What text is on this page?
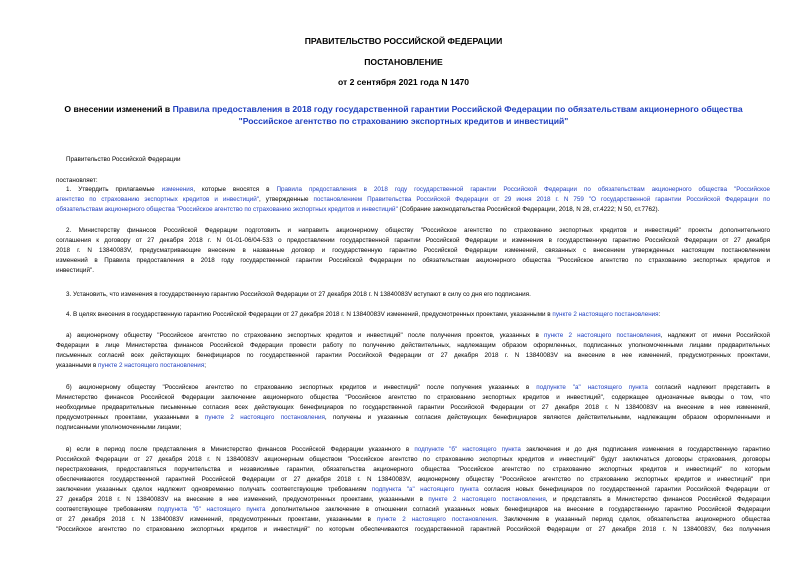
ПРАВИТЕЛЬСТВО РОССИЙСКОЙ ФЕДЕРАЦИИ
ПОСТАНОВЛЕНИЕ
от 2 сентября 2021 года N 1470
О внесении изменений в Правила предоставления в 2018 году государственной гарантии Российской Федерации по обязательствам акционерного общества
"Российское агентство по страхованию экспортных кредитов и инвестиций"
Правительство Российской Федерации
постановляет:
1. Утвердить прилагаемые изменения, которые вносятся в Правила предоставления в 2018 году государственной гарантии Российской Федерации по обязательствам акционерного общества "Российское
агентство по страхованию экспортных кредитов и инвестиций", утвержденные постановлением Правительства Российской Федерации от 29 июня 2018 г. N 759 "О государственной гарантии Российской Федерации по
обязательствам акционерного общества "Российское агентство по страхованию экспортных кредитов и инвестиций" (Собрание законодательства Российской Федерации, 2018, N 28, ст.4222; N 50, ст.7762).
2. Министерству финансов Российской Федерации подготовить и направить акционерному обществу "Российское агентство по страхованию экспортных кредитов и инвестиций" проекты дополнительного
соглашения к договору от 27 декабря 2018 г. N 01-01-06/04-533 о предоставлении государственной гарантии Российской Федерации и изменения в государственную гарантию Российской Федерации от 27 декабря
2018 г. N 13840083V, предусматривающие внесение в названные договор и государственную гарантию Российской Федерации изменений, связанных с внесением утвержденных настоящим постановлением
изменений в Правила предоставления в 2018 году государственной гарантии Российской Федерации по обязательствам акционерного общества "Российское агентство по страхованию экспортных кредитов и
инвестиций".
3. Установить, что изменения в государственную гарантию Российской Федерации от 27 декабря 2018 г. N 13840083V вступают в силу со дня его подписания.
4. В целях внесения в государственную гарантию Российской Федерации от 27 декабря 2018 г. N 13840083V изменений, предусмотренных проектами, указанными в пункте 2 настоящего постановления:
а) акционерному обществу "Российское агентство по страхованию экспортных кредитов и инвестиций" после получения проектов, указанных в пункте 2 настоящего постановления, надлежит от имени Российской
Федерации в лице Министерства финансов Российской Федерации провести работу по получению действительных, надлежащим образом оформленных, подписанных уполномоченными лицами предварительных
письменных согласий всех действующих бенефициаров по государственной гарантии Российской Федерации от 27 декабря 2018 г. N 13840083V на внесение в нее изменений, предусмотренных проектами,
указанными в пункте 2 настоящего постановления;
б) акционерному обществу "Российское агентство по страхованию экспортных кредитов и инвестиций" после получения указанных в подпункте "а" настоящего пункта согласий надлежит представить в
Министерство финансов Российской Федерации заключение акционерного общества "Российское агентство по страхованию экспортных кредитов и инвестиций", содержащее однозначные выводы о том, что
необходимые предварительные письменные согласия всех действующих бенефициаров по государственной гарантии Российской Федерации от 27 декабря 2018 г. N 13840083V на внесение в нее изменений,
предусмотренных проектами, указанными в пункте 2 настоящего постановления, получены и указанные согласия действующих бенефициаров являются действительными, надлежащим образом оформленными и
подписанными уполномоченными лицами;
в) если в период после представления в Министерство финансов Российской Федерации указанного в подпункте "б" настоящего пункта заключения и до дня подписания изменения в государственную гарантию
Российской Федерации от 27 декабря 2018 г. N 13840083V акционерным обществом "Российское агентство по страхованию экспортных кредитов и инвестиций" будут заключаться договоры страхования, договоры
перестрахования, предоставляться поручительства и независимые гарантии, обязательства акционерного общества "Российское агентство по страхованию экспортных кредитов и инвестиций" по которым
обеспечиваются государственной гарантией Российской Федерации от 27 декабря 2018 г. N 13840083V, акционерному обществу "Российское агентство по страхованию экспортных кредитов и инвестиций" при
заключении указанных сделок надлежит одновременно получать соответствующие требованиям подпункта "а" настоящего пункта согласия новых бенефициаров по государственной гарантии Российской Федерации от
27 декабря 2018 г. N 13840083V на внесение в нее изменений, предусмотренных проектами, указанными в пункте 2 настоящего постановления, и представлять в Министерство финансов Российской Федерации
соответствующее требованиям подпункта "б" настоящего пункта дополнительное заключение в отношении согласий указанных новых бенефициаров на внесение в государственную гарантию Российской Федерации
от 27 декабря 2018 г. N 13840083V изменений, предусмотренных проектами, указанными в пункте 2 настоящего постановления. Заключение в указанный период сделок, обязательства акционерного общества
"Российское агентство по страхованию экспортных кредитов и инвестиций" по которым обеспечиваются государственной гарантией Российской Федерации от 27 декабря 2018 г. N 13840083V, без получения
